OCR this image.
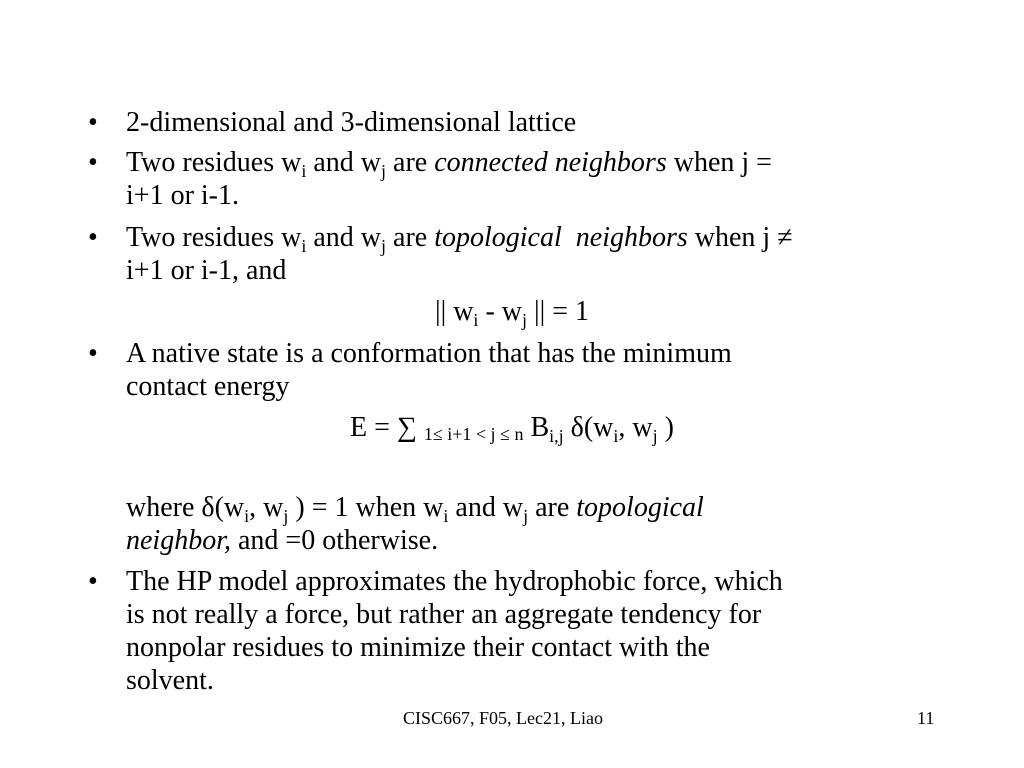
• 2-dimensional and 3-dimensional lattice
• Two residues $w_i$ and $w_j$ are connected neighbors when j =
i+1 or i-1.
• Two residues $w_i$ and $w_j$ are topological  neighbors when j ≠
i+1 or i-1, and
|| $w_i - w_j$ || = 1
• A native state is a conformation that has the minimum
contact energy
E = ∑ 1≤ i+1 < j ≤ n $B_{i,j}$ $\delta(w_i$, $w_j$ )
where $\delta(w_i$, $w_j$ ) = 1 when $w_i$ and $w_j$ are topological
neighbor, and =0 otherwise.
• The HP model approximates the hydrophobic force, which
is not really a force, but rather an aggregate tendency for
nonpolar residues to minimize their contact with the
solvent.
CISC667, F05, Lec21, Liao	11
